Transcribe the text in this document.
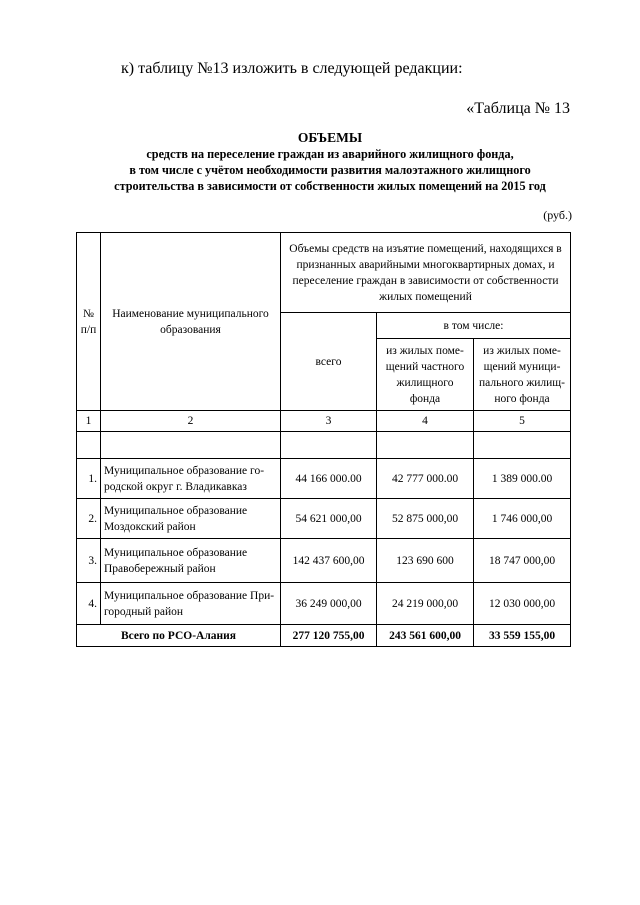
к) таблицу №13 изложить в следующей редакции:
«Таблица № 13
ОБЪЕМЫ
средств на переселение граждан из аварийного жилищного фонда,
в том числе с учётом необходимости развития малоэтажного жилищного
строительства в зависимости от собственности жилых помещений на 2015 год
(руб.)
№ п/п	Наименование муниципального образования	Объемы средств на изъятие помещений, находящихся в признанных аварийными многоквартирных домах, и переселение граждан в зависимости от собственности жилых помещений		
		всего	в том числе:	
			из жилых поме-щений частного жилищного фонда	из жилых поме-щений муници-пального жилищ-ного фонда
1	2	3	4	5

1.	Муниципальное образование го-родской округ г. Владикавказ	44 166 000.00	42 777 000.00	1 389 000.00
2.	Муниципальное образование Моздокский район	54 621 000,00	52 875 000,00	1 746 000,00
3.	Муниципальное образование Правобережный район	142 437 600,00	123 690 600	18 747 000,00
4.	Муниципальное образование При-городный район	36 249 000,00	24 219 000,00	12 030 000,00
Всего по РСО-Алания		277 120 755,00	243 561 600,00	33 559 155,00
